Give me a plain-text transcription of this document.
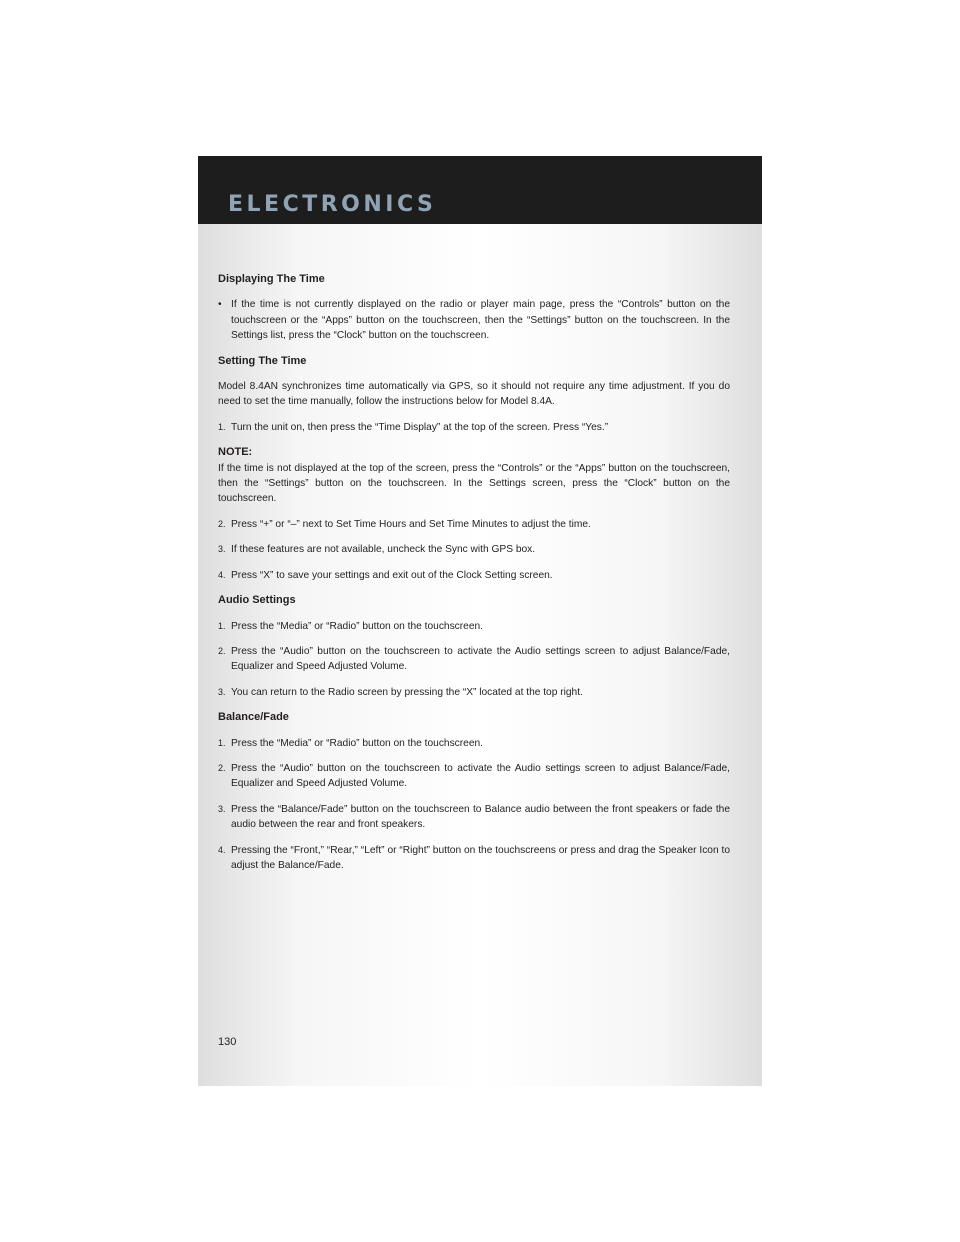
ELECTRONICS
Displaying The Time
• If the time is not currently displayed on the radio or player main page, press the “Controls” button on the touchscreen or the “Apps” button on the touchscreen, then the “Settings” button on the touchscreen. In the Settings list, press the “Clock” button on the touchscreen.
Setting The Time
Model 8.4AN synchronizes time automatically via GPS, so it should not require any time adjustment. If you do need to set the time manually, follow the instructions below for Model 8.4A.
1. Turn the unit on, then press the “Time Display” at the top of the screen. Press “Yes.”
NOTE:
If the time is not displayed at the top of the screen, press the “Controls” or the “Apps” button on the touchscreen, then the “Settings” button on the touchscreen. In the Settings screen, press the “Clock” button on the touchscreen.
2. Press “+” or “–” next to Set Time Hours and Set Time Minutes to adjust the time.
3. If these features are not available, uncheck the Sync with GPS box.
4. Press “X” to save your settings and exit out of the Clock Setting screen.
Audio Settings
1. Press the “Media” or “Radio” button on the touchscreen.
2. Press the “Audio” button on the touchscreen to activate the Audio settings screen to adjust Balance/Fade, Equalizer and Speed Adjusted Volume.
3. You can return to the Radio screen by pressing the “X” located at the top right.
Balance/Fade
1. Press the “Media” or “Radio” button on the touchscreen.
2. Press the “Audio” button on the touchscreen to activate the Audio settings screen to adjust Balance/Fade, Equalizer and Speed Adjusted Volume.
3. Press the “Balance/Fade” button on the touchscreen to Balance audio between the front speakers or fade the audio between the rear and front speakers.
4. Pressing the “Front,” “Rear,” “Left” or “Right” button on the touchscreens or press and drag the Speaker Icon to adjust the Balance/Fade.
130
